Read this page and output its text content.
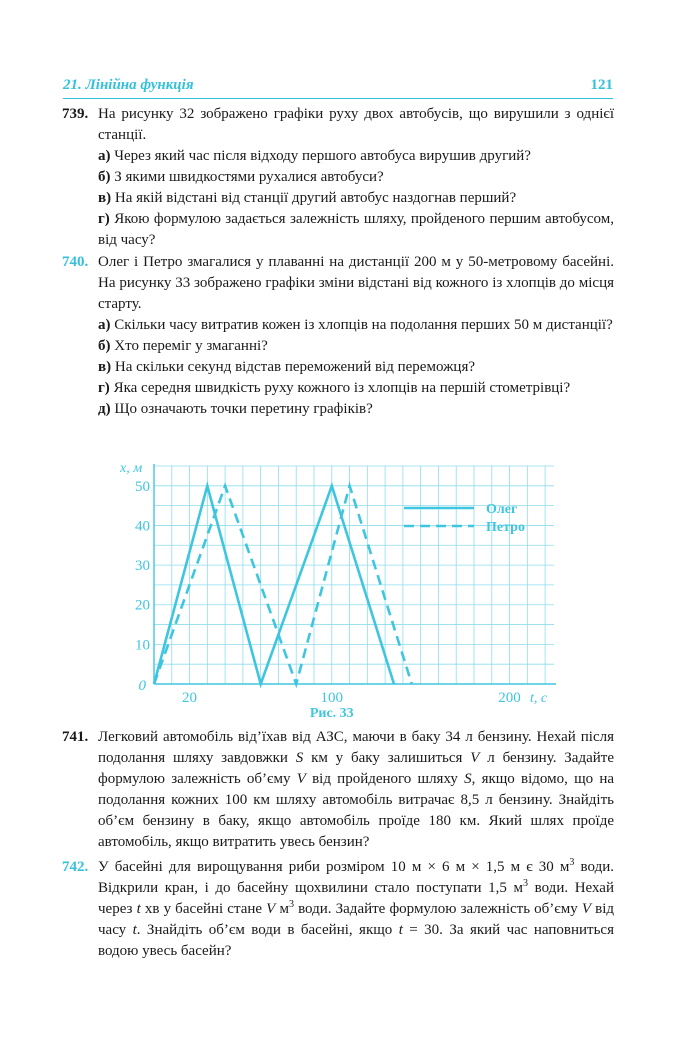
21. Лінійна функція	121
739. На рисунку 32 зображено графіки руху двох автобусів, що вирушили з однієї станції.

а) Через який час після відходу першого автобуса вирушив другий?

б) З якими швидкостями рухалися автобуси?

в) На якій відстані від станції другий автобус наздогнав перший?

г) Якою формулою задається залежність шляху, пройденого першим автобусом, від часу?

740. Олег і Петро змагалися у плаванні на дистанції 200 м у 50-метровому басейні. На рисунку 33 зображено графіки зміни відстані від кожного із хлопців до місця старту.

а) Скільки часу витратив кожен із хлопців на подолання перших 50 м дистанції?

б) Хто переміг у змаганні?

в) На скільки секунд відстав переможений від переможця?

г) Яка середня швидкість руху кожного із хлопців на першій стометрівці?

д) Що означають точки перетину графіків?

20	100	200
10
20
30
40
50
0
t, с
x, м
Рис. 33
Олег
Петро
741. Легковий автомобіль від’їхав від АЗС, маючи в баку 34 л бензину. Нехай після подолання шляху завдовжки S км у баку залишиться V л бензину. Задайте формулою залежність об’єму V від пройденого шляху S, якщо відомо, що на подолання кожних 100 км шляху автомобіль витрачає 8,5 л бензину. Знайдіть об’єм бензину в баку, якщо автомобіль проїде 180 км. Який шлях проїде автомобіль, якщо витратить увесь бензин?

742. У басейні для вирощування риби розміром 10 м × 6 м × 1,5 м є 30 $м^3$ води. Відкрили кран, і до басейну щохвилини стало поступати 1,5 $м^3$ води. Нехай через t хв у басейні стане V $м^3$ води. Задайте формулою залежність об’єму V від часу t. Знайдіть об’єм води в басейні, якщо t = 30. За який час наповниться водою увесь басейн?
